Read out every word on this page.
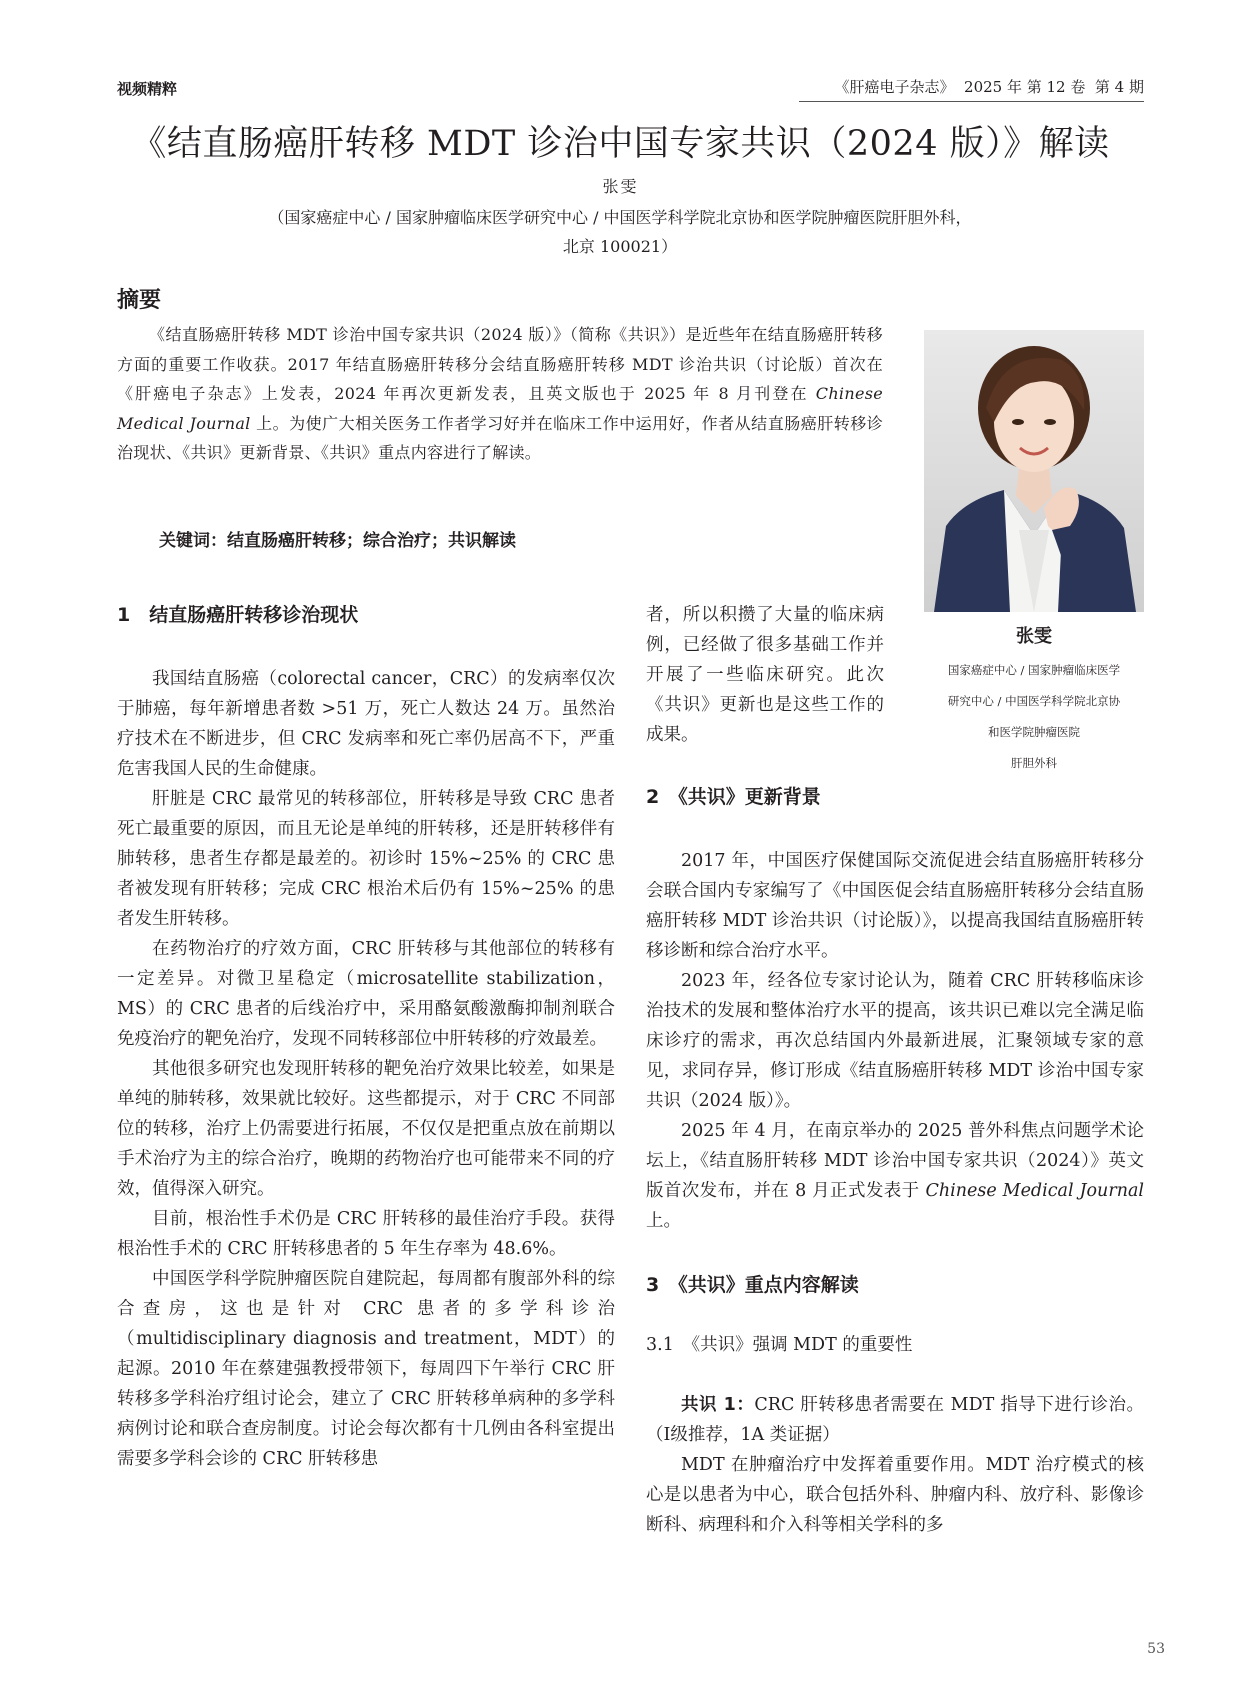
视频精粹	《肝癌电子杂志》  2025 年 第 12 卷  第 4 期
《结直肠癌肝转移 MDT 诊治中国专家共识（2024 版）》解读
张雯
（国家癌症中心 / 国家肿瘤临床医学研究中心 / 中国医学科学院北京协和医学院肿瘤医院肝胆外科，
北京 100021）
摘要

《结直肠癌肝转移 MDT 诊治中国专家共识（2024 版）》（简称《共识》）是近些年在结直肠癌肝转移方面的重要工作收获。2017 年结直肠癌肝转移分会结直肠癌肝转移 MDT 诊治共识（讨论版）首次在《肝癌电子杂志》上发表，2024 年再次更新发表，且英文版也于 2025 年 8 月刊登在 Chinese Medical Journal 上。为使广大相关医务工作者学习好并在临床工作中运用好，作者从结直肠癌肝转移诊治现状、《共识》更新背景、《共识》重点内容进行了解读。

关键词：结直肠癌肝转移；综合治疗；共识解读
张雯
国家癌症中心 / 国家肿瘤临床医学
研究中心 / 中国医学科学院北京协
和医学院肿瘤医院
肝胆外科
1　结直肠癌肝转移诊治现状

我国结直肠癌（colorectal cancer，CRC）的发病率仅次于肺癌，每年新增患者数 >51 万，死亡人数达 24 万。虽然治疗技术在不断进步，但 CRC 发病率和死亡率仍居高不下，严重危害我国人民的生命健康。

肝脏是 CRC 最常见的转移部位，肝转移是导致 CRC 患者死亡最重要的原因，而且无论是单纯的肝转移，还是肝转移伴有肺转移，患者生存都是最差的。初诊时 15%~25% 的 CRC 患者被发现有肝转移；完成 CRC 根治术后仍有 15%~25% 的患者发生肝转移。

在药物治疗的疗效方面，CRC 肝转移与其他部位的转移有一定差异。对微卫星稳定（microsatellite stabilization，MS）的 CRC 患者的后线治疗中，采用酪氨酸激酶抑制剂联合免疫治疗的靶免治疗，发现不同转移部位中肝转移的疗效最差。

其他很多研究也发现肝转移的靶免治疗效果比较差，如果是单纯的肺转移，效果就比较好。这些都提示，对于 CRC 不同部位的转移，治疗上仍需要进行拓展，不仅仅是把重点放在前期以手术治疗为主的综合治疗，晚期的药物治疗也可能带来不同的疗效，值得深入研究。

目前，根治性手术仍是 CRC 肝转移的最佳治疗手段。获得根治性手术的 CRC 肝转移患者的 5 年生存率为 48.6%。

中国医学科学院肿瘤医院自建院起，每周都有腹部外科的综合查房，这也是针对 CRC 患者的多学科诊治（multidisciplinary diagnosis and treatment，MDT）的起源。2010 年在蔡建强教授带领下，每周四下午举行 CRC 肝转移多学科治疗组讨论会，建立了 CRC 肝转移单病种的多学科病例讨论和联合查房制度。讨论会每次都有十几例由各科室提出需要多学科会诊的 CRC 肝转移患

者，所以积攒了大量的临床病例，已经做了很多基础工作并开展了一些临床研究。此次《共识》更新也是这些工作的成果。

2　《共识》更新背景

2017 年，中国医疗保健国际交流促进会结直肠癌肝转移分会联合国内专家编写了《中国医促会结直肠癌肝转移分会结直肠癌肝转移 MDT 诊治共识（讨论版）》，以提高我国结直肠癌肝转移诊断和综合治疗水平。

2023 年，经各位专家讨论认为，随着 CRC 肝转移临床诊治技术的发展和整体治疗水平的提高，该共识已难以完全满足临床诊疗的需求，再次总结国内外最新进展，汇聚领域专家的意见，求同存异，修订形成《结直肠癌肝转移 MDT 诊治中国专家共识（2024 版）》。

2025 年 4 月，在南京举办的 2025 普外科焦点问题学术论坛上，《结直肠肝转移 MDT 诊治中国专家共识（2024）》英文版首次发布，并在 8 月正式发表于 Chinese Medical Journal 上。

3　《共识》重点内容解读
3.1　《共识》强调 MDT 的重要性

共识 1：CRC 肝转移患者需要在 MDT 指导下进行诊治。（Ⅰ级推荐，1A 类证据）

MDT 在肿瘤治疗中发挥着重要作用。MDT 治疗模式的核心是以患者为中心，联合包括外科、肿瘤内科、放疗科、影像诊断科、病理科和介入科等相关学科的多

53
